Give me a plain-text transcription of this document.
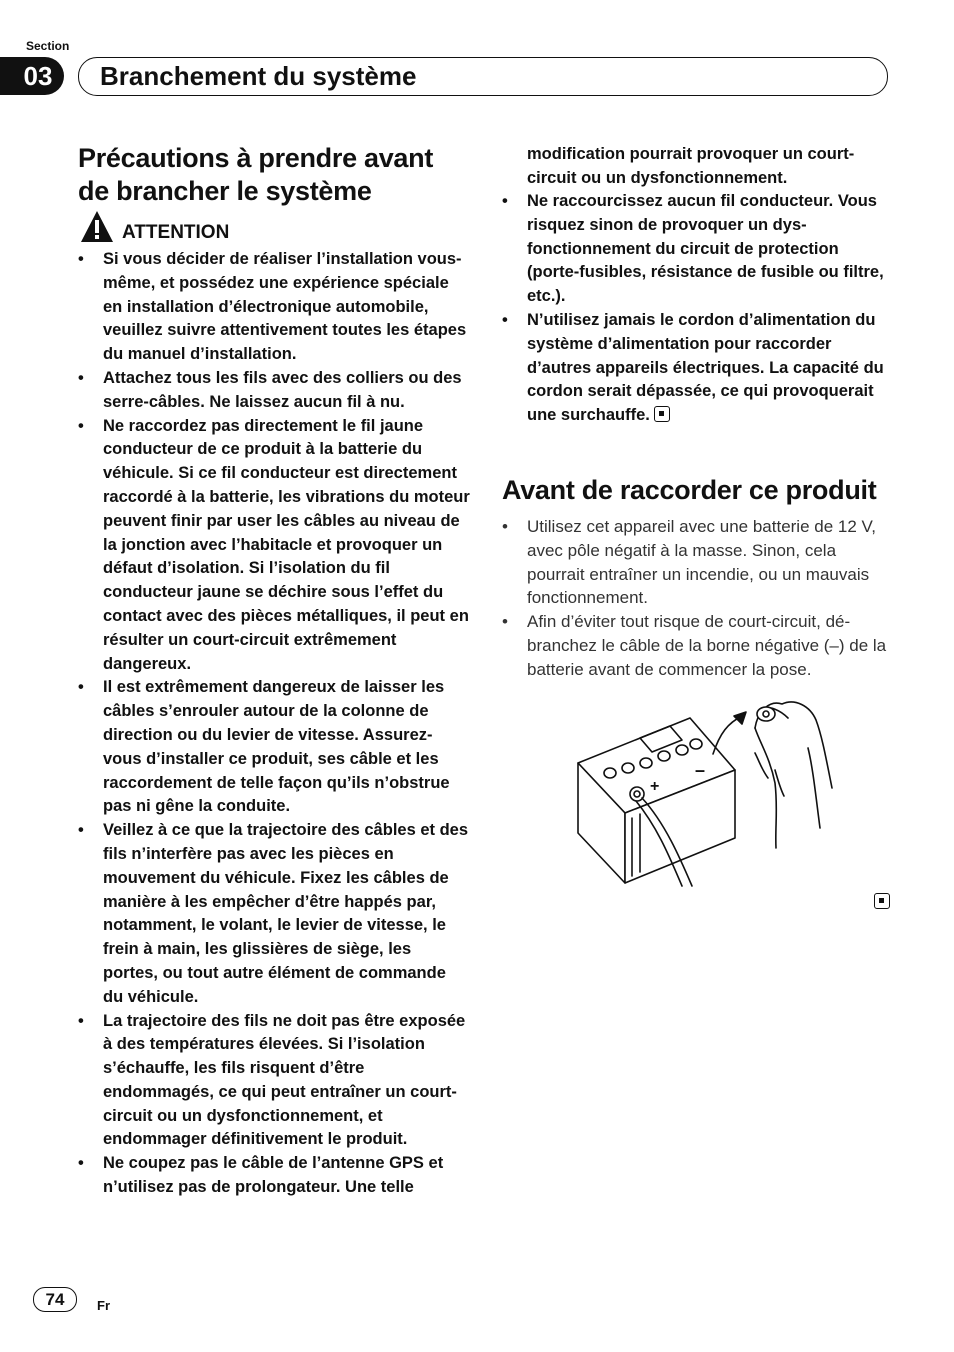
Section
03	Branchement du système
Précautions à prendre avant
de brancher le système
ATTENTION
• Si vous décider de réaliser l’installation vous-même, et possédez une expérience spéciale en installation d’électronique automobile, veuillez suivre attentivement toutes les étapes du manuel d’installation.
• Attachez tous les fils avec des colliers ou des serre-câbles. Ne laissez aucun fil à nu.
• Ne raccordez pas directement le fil jaune conducteur de ce produit à la batterie du véhicule. Si ce fil conducteur est directement raccordé à la batterie, les vibrations du moteur peuvent finir par user les câbles au niveau de la jonction avec l’habitacle et provoquer un défaut d’isolation. Si l’isolation du fil conducteur jaune se déchire sous l’effet du contact avec des pièces métalliques, il peut en résulter un court-circuit extrêmement dangereux.
• Il est extrêmement dangereux de laisser les câbles s’enrouler autour de la colonne de direction ou du levier de vitesse. Assurez-vous d’installer ce produit, ses câble et les raccordement de telle façon qu’ils n’obstrue pas ni gêne la conduite.
• Veillez à ce que la trajectoire des câbles et des fils n’interfère pas avec les pièces en mouvement du véhicule. Fixez les câbles de manière à les empêcher d’être happés par, notamment, le volant, le levier de vitesse, le frein à main, les glissières de siège, les portes, ou tout autre élément de commande du véhicule.
• La trajectoire des fils ne doit pas être exposée à des températures élevées. Si l’isolation s’échauffe, les fils risquent d’être endommagés, ce qui peut entraîner un court-circuit ou un dysfonctionnement, et endommager définitivement le produit.
• Ne coupez pas le câble de l’antenne GPS et n’utilisez pas de prolongateur. Une telle

modification pourrait provoquer un court-circuit ou un dysfonctionnement.

• Ne raccourcissez aucun fil conducteur. Vous risquez sinon de provoquer un dysfonctionnement du circuit de protection (porte-fusibles, résistance de fusible ou filtre, etc.).
• N’utilisez jamais le cordon d’alimentation du système d’alimentation pour raccorder d’autres appareils électriques. La capacité du cordon serait dépassée, ce qui provoquerait une surchauffe.
Avant de raccorder ce produit
• Utilisez cet appareil avec une batterie de 12 V, avec pôle négatif à la masse. Sinon, cela pourrait entraîner un incendie, ou un mauvais fonctionnement.
• Afin d’éviter tout risque de court-circuit, débranchez le câble de la borne négative (–) de la batterie avant de commencer la pose.
+
–
74	Fr
